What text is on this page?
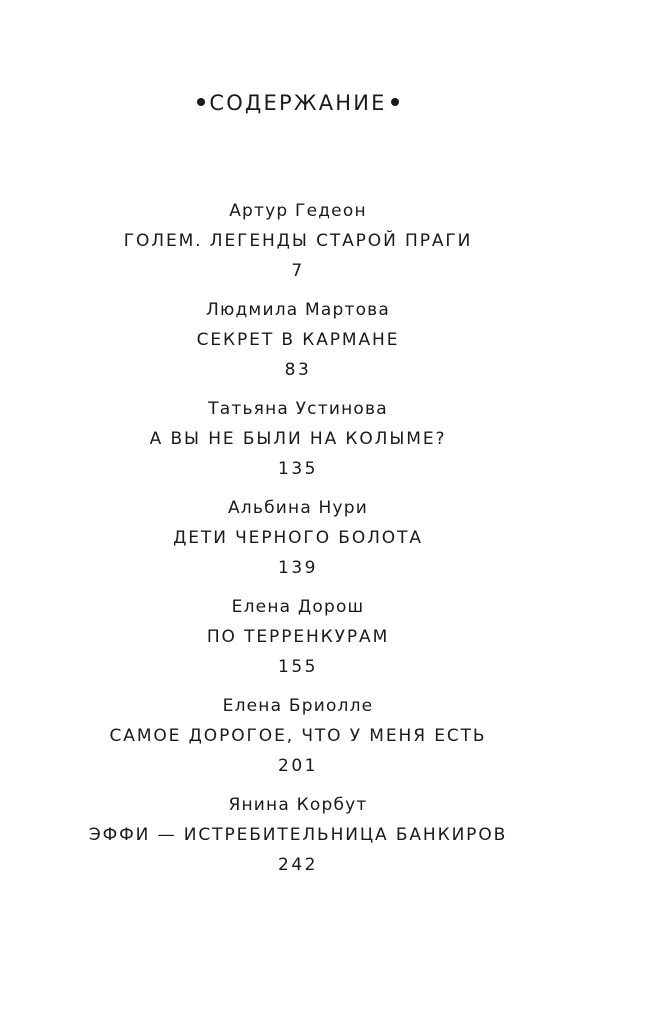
СОДЕРЖАНИЕ
Артур Гедеон
ГОЛЕМ. ЛЕГЕНДЫ СТАРОЙ ПРАГИ
7
Людмила Мартова
СЕКРЕТ В КАРМАНЕ
83
Татьяна Устинова
А ВЫ НЕ БЫЛИ НА КОЛЫМЕ?
135
Альбина Нури
ДЕТИ ЧЕРНОГО БОЛОТА
139
Елена Дорош
ПО ТЕРРЕНКУРАМ
155
Елена Бриолле
САМОЕ ДОРОГОЕ, ЧТО У МЕНЯ ЕСТЬ
201
Янина Корбут
ЭФФИ — ИСТРЕБИТЕЛЬНИЦА БАНКИРОВ
242
